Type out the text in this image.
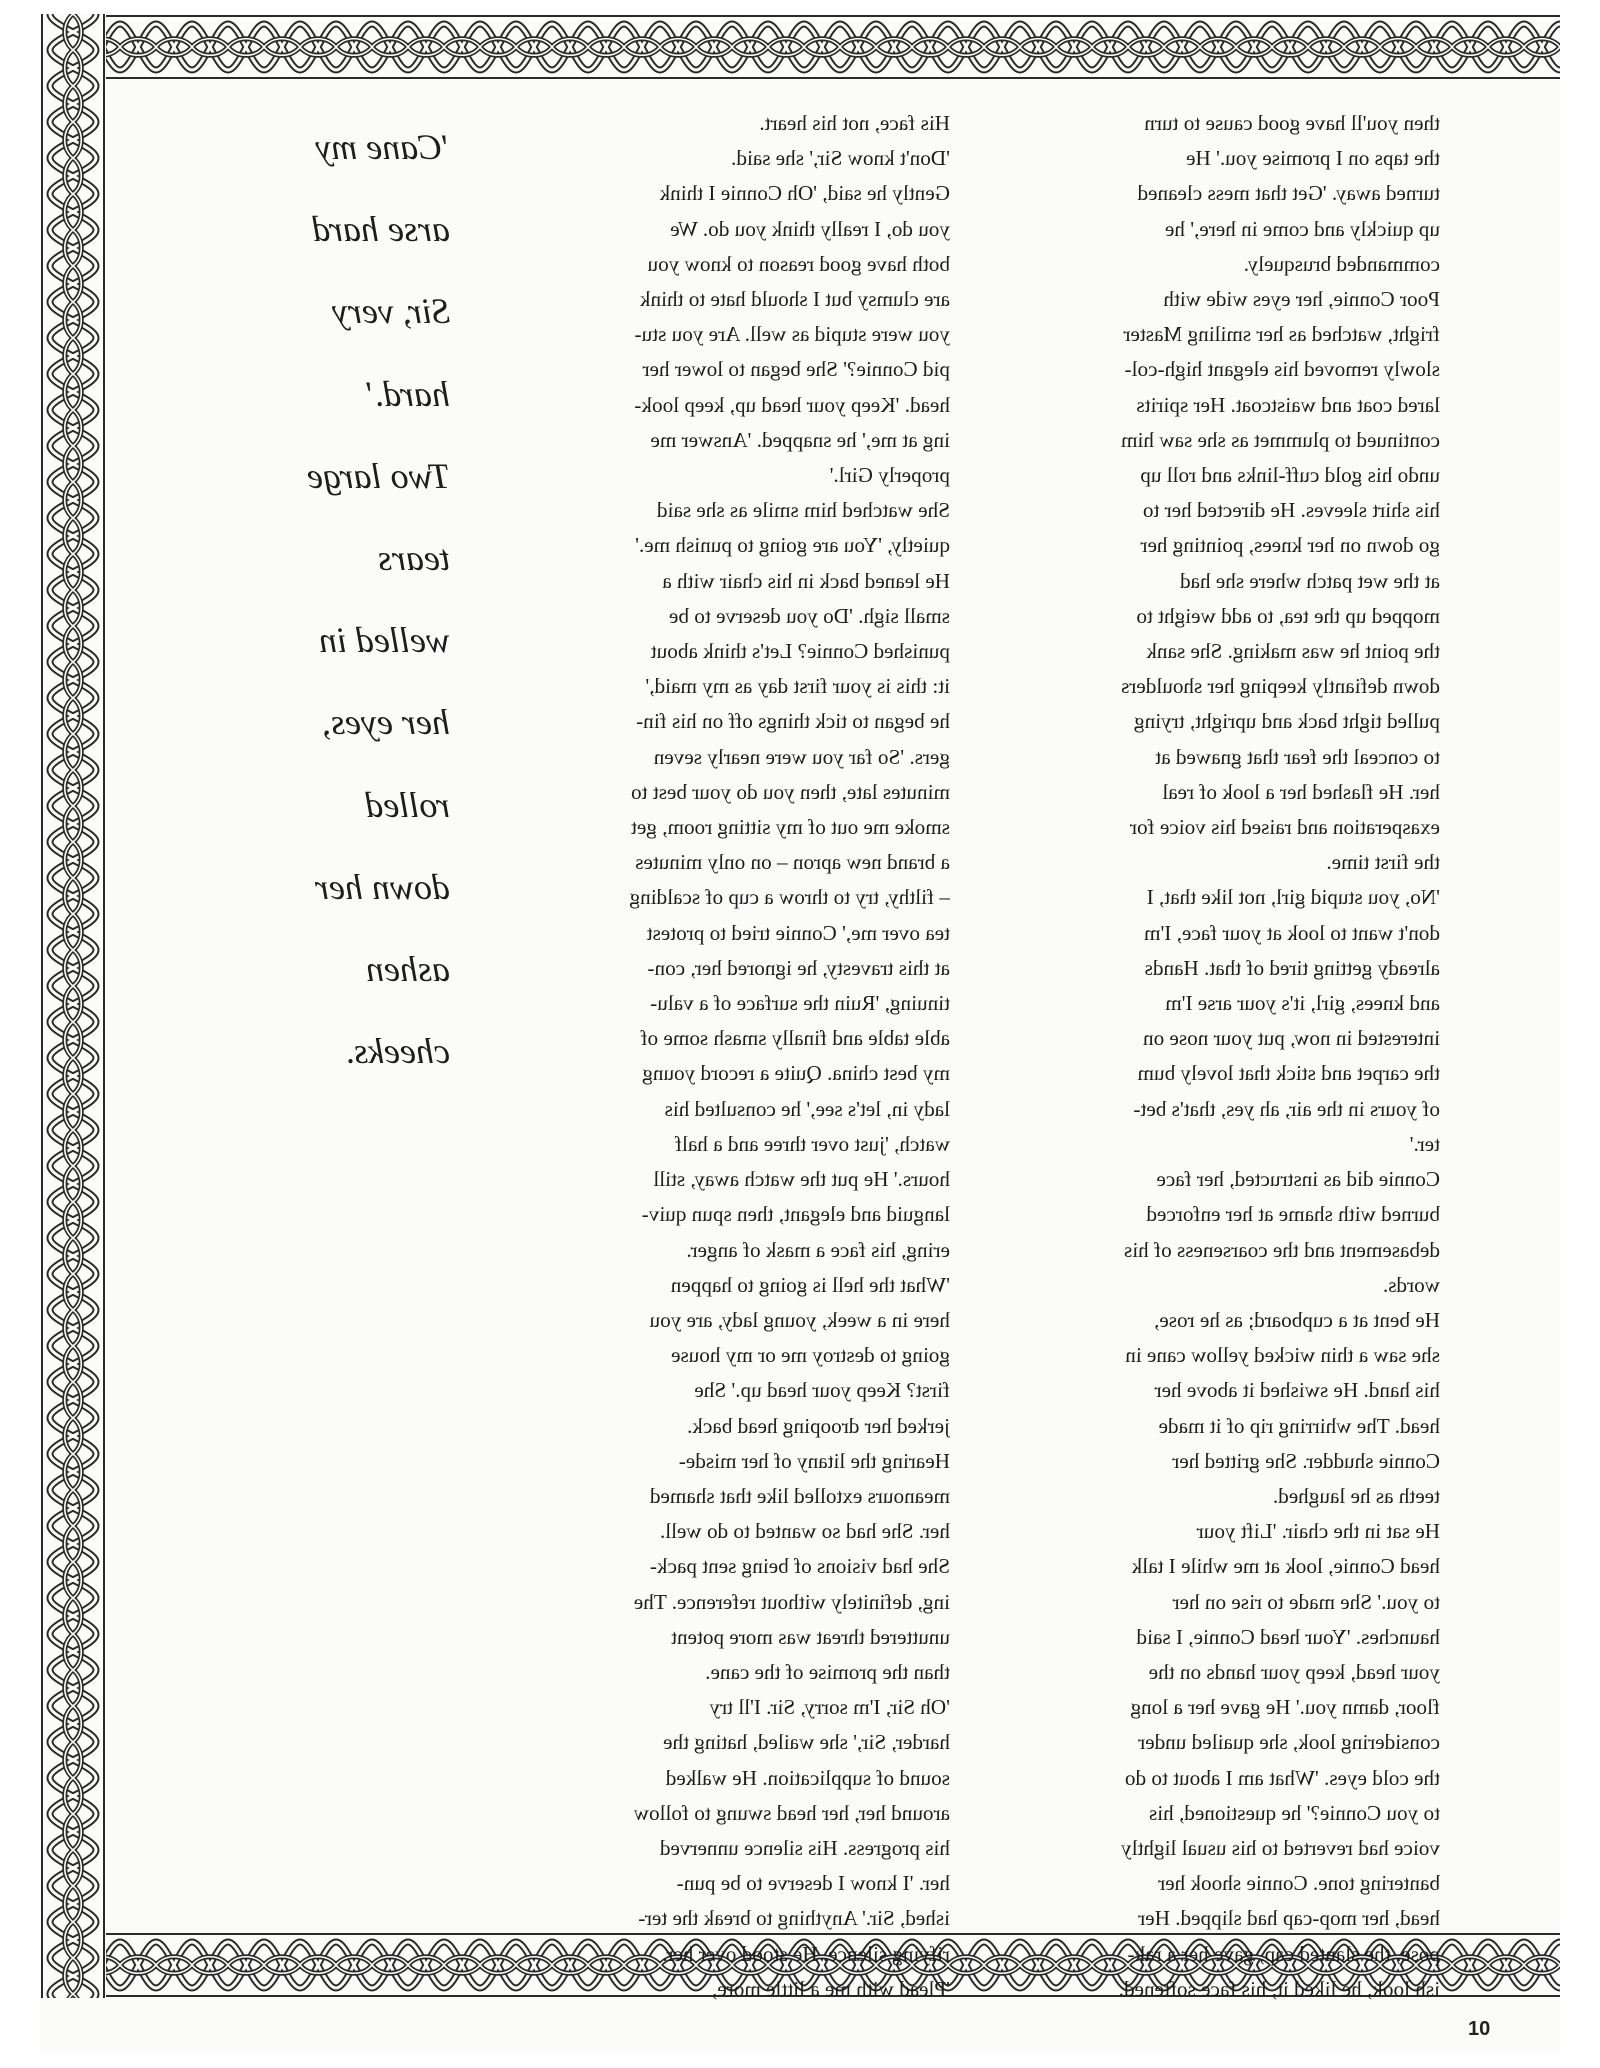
then you'll have good cause to turn
the taps on I promise you.' He
turned away. 'Get that mess cleaned
up quickly and come in here,' he
commanded brusquely.
Poor Connie, her eyes wide with
fright, watched as her smiling Master
slowly removed his elegant high-col-
lared coat and waistcoat. Her spirits
continued to plummet as she saw him
undo his gold cuff-links and roll up
his shirt sleeves. He directed her to
go down on her knees, pointing her
at the wet patch where she had
mopped up the tea, to add weight to
the point he was making. She sank
down defiantly keeping her shoulders
pulled tight back and upright, trying
to conceal the fear that gnawed at
her. He flashed her a look of real
exasperation and raised his voice for
the first time.
'No, you stupid girl, not like that, I
don't want to look at your face, I'm
already getting tired of that. Hands
and knees, girl, it's your arse I'm
interested in now, put your nose on
the carpet and stick that lovely bum
of yours in the air, ah yes, that's bet-
ter.'
Connie did as instructed, her face
burned with shame at her enforced
debasement and the coarseness of his
words.
He bent at a cupboard; as he rose,
she saw a thin wicked yellow cane in
his hand. He swished it above her
head. The whirring rip of it made
Connie shudder. She gritted her
teeth as he laughed.
He sat in the chair. 'Lift your
head Connie, look at me while I talk
to you.' She made to rise on her
haunches. 'Your head Connie, I said
your head, keep your hands on the
floor, damn you.' He gave her a long
considering look, she quailed under
the cold eyes. 'What am I about to do
to you Connie?' he questioned, his
voice had reverted to his usual lightly
bantering tone. Connie shook her
head, her mop-cap had slipped. Her
pose, the slanted cap, gave her a rak-
ish look, he liked it, his face softened.
His face, not his heart.
'Don't know Sir,' she said.
Gently he said, 'Oh Connie I think
you do, I really think you do. We
both have good reason to know you
are clumsy but I should hate to think
you were stupid as well. Are you stu-
pid Connie?' She began to lower her
head. 'Keep your head up, keep look-
ing at me,' he snapped. 'Answer me
properly Girl.'
She watched him smile as she said
quietly, 'You are going to punish me.'
He leaned back in his chair with a
small sigh. 'Do you deserve to be
punished Connie? Let's think about
it: this is your first day as my maid,'
he began to tick things off on his fin-
gers. 'So far you were nearly seven
minutes late, then you do your best to
smoke me out of my sitting room, get
a brand new apron – on only minutes
– filthy, try to throw a cup of scalding
tea over me,' Connie tried to protest
at this travesty, he ignored her, con-
tinuing, 'Ruin the surface of a valu-
able table and finally smash some of
my best china. Quite a record young
lady in, let's see,' he consulted his
watch, 'just over three and a half
hours.' He put the watch away, still
languid and elegant, then spun quiv-
ering, his face a mask of anger.
'What the hell is going to happen
here in a week, young lady, are you
going to destroy me or my house
first? Keep your head up.' She
jerked her drooping head back.
Hearing the litany of her misde-
meanours extolled like that shamed
her. She had so wanted to do well.
She had visions of being sent pack-
ing, definitely without reference. The
unuttered threat was more potent
than the promise of the cane.
'Oh Sir, I'm sorry, Sir. I'll try
harder, Sir,' she wailed, hating the
sound of supplication. He walked
around her, her head swung to follow
his progress. His silence unnerved
her. 'I know I deserve to be pun-
ished, Sir.' Anything to break the ter-
rifying silence. He stood over her.
'Plead with me a little more,
'Cane my
arse hard
Sir, very
hard.'
Two large
tears
welled in
her eyes,
rolled
down her
ashen
cheeks.
10
